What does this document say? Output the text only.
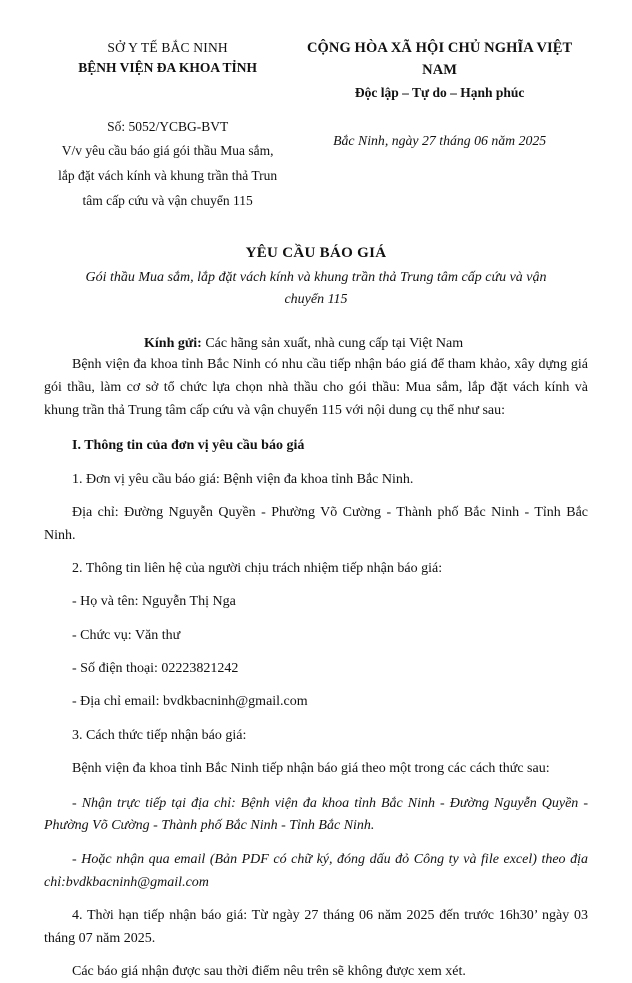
SỞ Y TẾ BẮC NINH
BỆNH VIỆN ĐA KHOA TỈNH
CỘNG HÒA XÃ HỘI CHỦ NGHĨA VIỆT NAM
Độc lập – Tự do – Hạnh phúc
Số: 5052/YCBG-BVT
V/v yêu cầu báo giá gói thầu Mua sắm,
lắp đặt vách kính và khung trần thả Trun
tâm cấp cứu và vận chuyển 115
Bắc Ninh, ngày 27 tháng 06 năm 2025
YÊU CẦU BÁO GIÁ
Gói thầu Mua sắm, lắp đặt vách kính và khung trần thả Trung tâm cấp cứu và vận chuyển 115
Kính gửi: Các hãng sản xuất, nhà cung cấp tại Việt Nam

Bệnh viện đa khoa tỉnh Bắc Ninh có nhu cầu tiếp nhận báo giá để tham khảo, xây dựng giá gói thầu, làm cơ sở tổ chức lựa chọn nhà thầu cho gói thầu: Mua sắm, lắp đặt vách kính và khung trần thả Trung tâm cấp cứu và vận chuyển 115 với nội dung cụ thể như sau:

I. Thông tin của đơn vị yêu cầu báo giá

1. Đơn vị yêu cầu báo giá: Bệnh viện đa khoa tỉnh Bắc Ninh.

Địa chỉ: Đường Nguyễn Quyền - Phường Võ Cường - Thành phố Bắc Ninh - Tỉnh Bắc Ninh.

2. Thông tin liên hệ của người chịu trách nhiệm tiếp nhận báo giá:

- Họ và tên: Nguyễn Thị Nga

- Chức vụ: Văn thư

- Số điện thoại: 02223821242

- Địa chỉ email: bvdkbacninh@gmail.com

3. Cách thức tiếp nhận báo giá:

Bệnh viện đa khoa tỉnh Bắc Ninh tiếp nhận báo giá theo một trong các cách thức sau:

- Nhận trực tiếp tại địa chỉ: Bệnh viện đa khoa tỉnh Bắc Ninh - Đường Nguyễn Quyền - Phường Võ Cường - Thành phố Bắc Ninh - Tỉnh Bắc Ninh.

- Hoặc nhận qua email (Bản PDF có chữ ký, đóng dấu đỏ Công ty và file excel) theo địa chỉ:bvdkbacninh@gmail.com

4. Thời hạn tiếp nhận báo giá: Từ ngày 27 tháng 06 năm 2025 đến trước 16h30’ ngày 03 tháng 07 năm 2025.

Các báo giá nhận được sau thời điểm nêu trên sẽ không được xem xét.
